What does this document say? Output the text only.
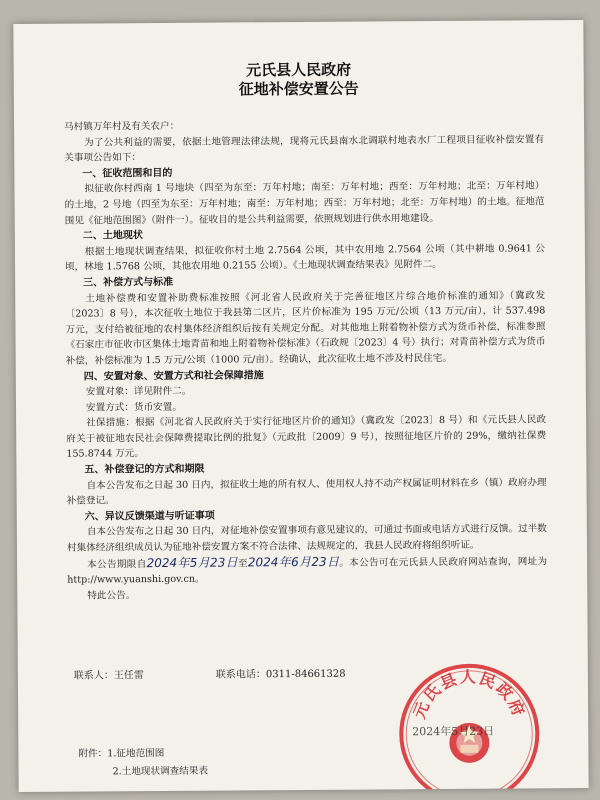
元氏县人民政府
征地补偿安置公告

马村镇万年村及有关农户：

为了公共利益的需要，依据土地管理法律法规，现将元氏县南水北调联村地表水厂工程项目征收补偿安置有关事项公告如下：

一、征收范围和目的

拟征收你村西南 1 号地块（四至为东至：万年村地；南至：万年村地；西至：万年村地；北至：万年村地）的土地，2 号地（四至为东至：万年村地；南至：万年村地；西至：万年村地；北至：万年村地）的土地。征地范围见《征地范围图》（附件一）。征收目的是公共利益需要，依照规划进行供水用地建设。

二、土地现状

根据土地现状调查结果，拟征收你村土地 2.7564 公顷，其中农用地 2.7564 公顷（其中耕地 0.9641 公顷，林地 1.5768 公顷，其他农用地 0.2155 公顷）。《土地现状调查结果表》见附件二。

三、补偿方式与标准

土地补偿费和安置补助费标准按照《河北省人民政府关于完善征地区片综合地价标准的通知》（冀政发〔2023〕8 号），本次征收土地位于我县第二区片，区片价标准为 195 万元/公顷（13 万元/亩），计 537.498 万元，支付给被征地的农村集体经济组织后按有关规定分配。对其他地上附着物补偿方式为货币补偿，标准参照《石家庄市征收市区集体土地青苗和地上附着物补偿标准》（石政规〔2023〕4 号）执行；对青苗补偿方式为货币补偿，补偿标准为 1.5 万元/公顷（1000 元/亩）。经确认，此次征收土地不涉及村民住宅。

四、安置对象、安置方式和社会保障措施

安置对象：详见附件二。

安置方式：货币安置。

社保措施：根据《河北省人民政府关于实行征地区片价的通知》（冀政发〔2023〕8 号）和《元氏县人民政府关于被征地农民社会保障费提取比例的批复》（元政批〔2009〕9 号），按照征地区片价的 29%，缴纳社保费 155.8744 万元。

五、补偿登记的方式和期限

自本公告发布之日起 30 日内，拟征收土地的所有权人、使用权人持不动产权属证明材料在乡（镇）政府办理补偿登记。

六、异议反馈渠道与听证事项

自本公告发布之日起 30 日内，对征地补偿安置事项有意见建议的，可通过书面或电话方式进行反馈。过半数村集体经济组织成员认为征地补偿安置方案不符合法律、法规规定的，我县人民政府将组织听证。

本公告期限自2024年5月23日至2024年6月23日。本公告可在元氏县人民政府网站查询，网址为 http://www.yuanshi.gov.cn。

特此公告。

联系人：王任雷	联系电话：0311-84661328
附件：1.征地范围图
2.土地现状调查结果表
元氏县人民政府
2024年5月23日
